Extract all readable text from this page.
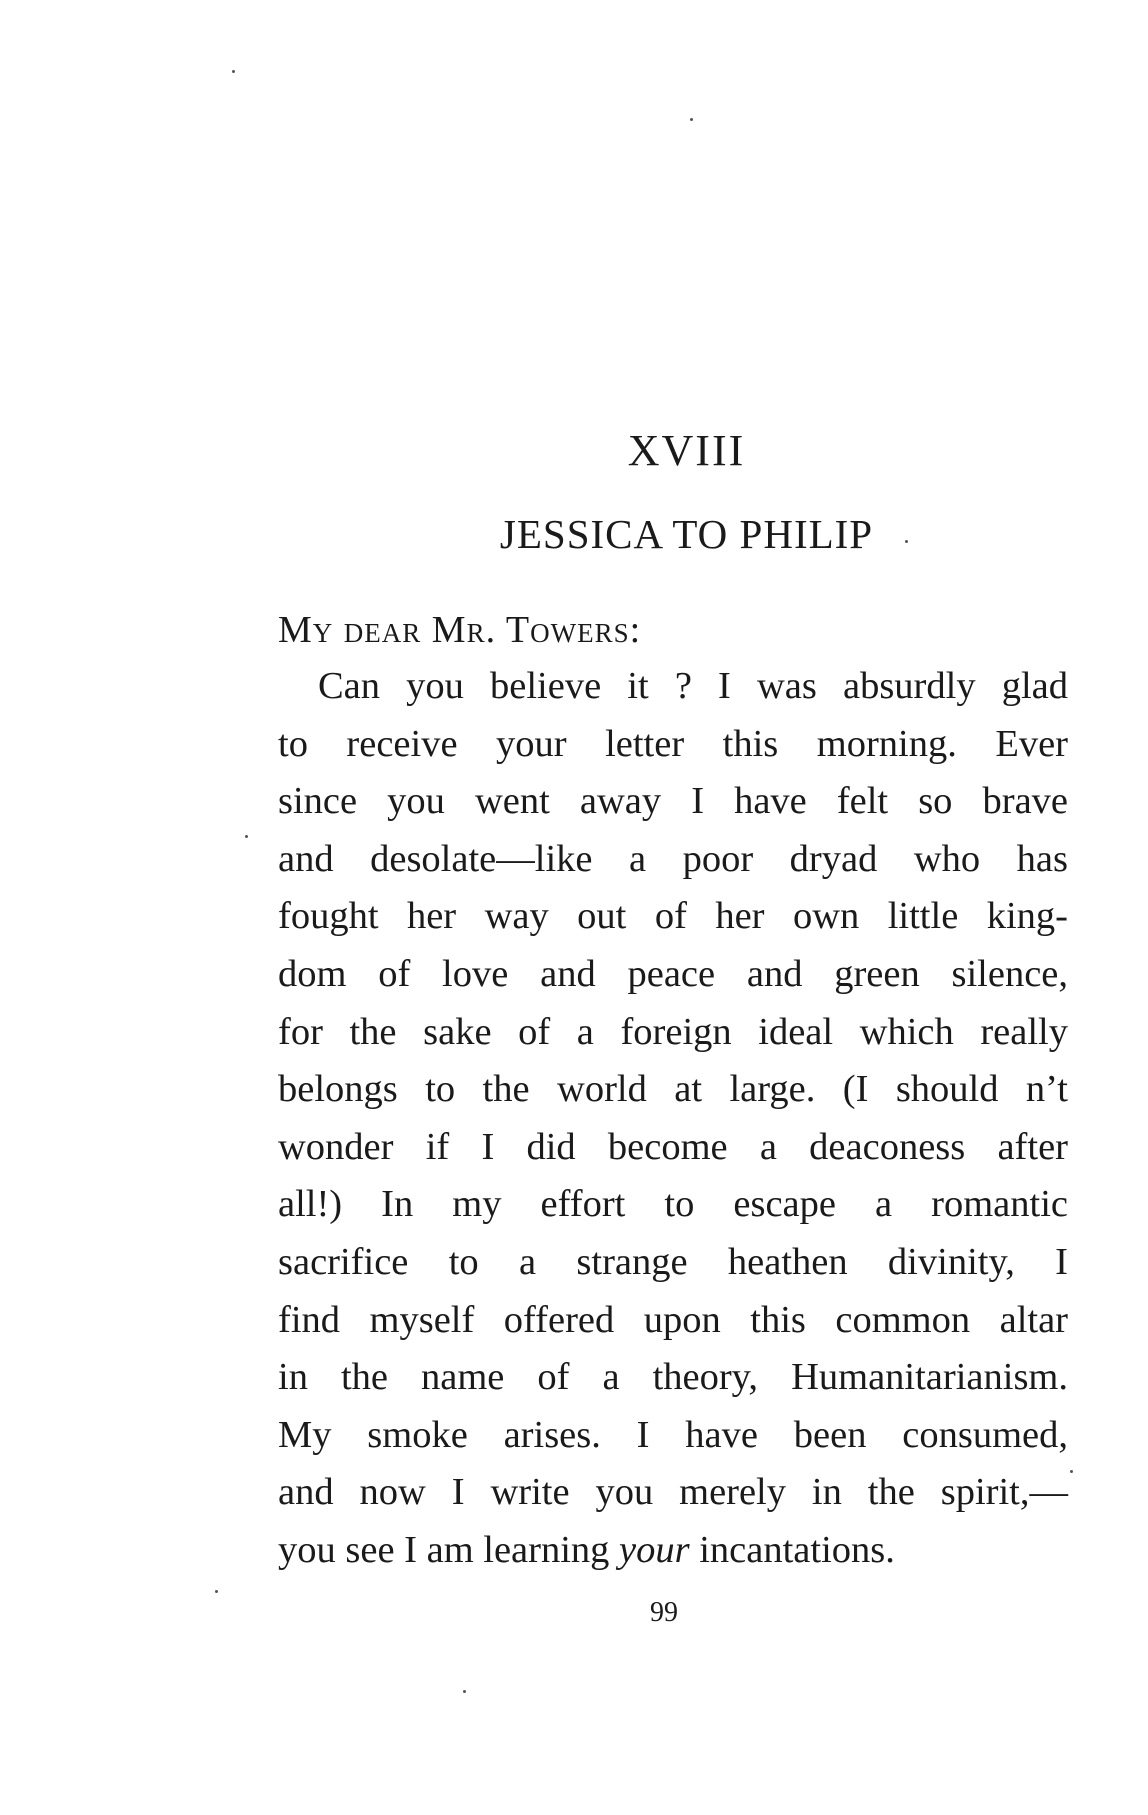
XVIII
JESSICA TO PHILIP
My dear Mr. Towers:
Can you believe it ? I was absurdly glad
to receive your letter this morning. Ever
since you went away I have felt so brave
and desolate—like a poor dryad who has
fought her way out of her own little king-
dom of love and peace and green silence,
for the sake of a foreign ideal which really
belongs to the world at large. (I should n’t
wonder if I did become a deaconess after
all!) In my effort to escape a romantic
sacrifice to a strange heathen divinity, I
find myself offered upon this common altar
in the name of a theory, Humanitarianism.
My smoke arises. I have been consumed,
and now I write you merely in the spirit,—
you see I am learning your incantations.
99
